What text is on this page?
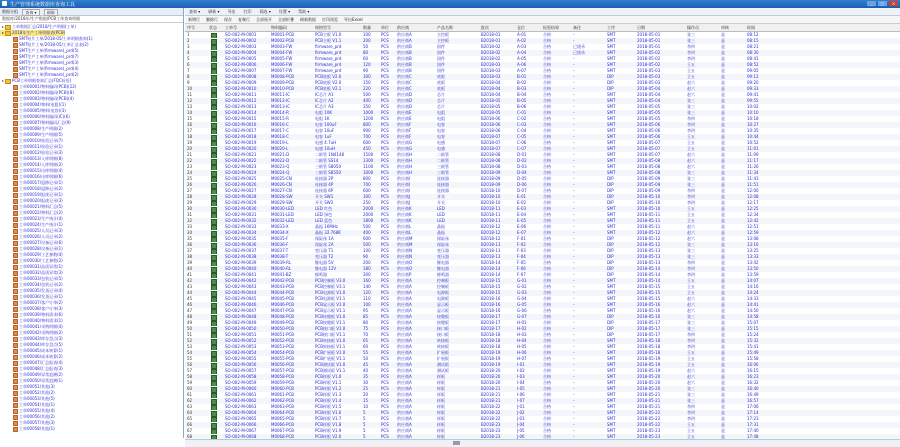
生产管理系统数据库查询工具	_	□	×
数据分组 查询 ▾	刷新
数据库/2018年/生产数据/PCB工单查询明细
▸ 工单数据汇总/2018/生产明细(工单)
▸ 2018年生产工单明细表(PCB)
SMT贴片工单/2018-05/工单明细查询(1)
SMT贴片工单/2018-05/工单汇总表(2)
SMT生产工单(firmware)_prd(5)
SMT生产工单(firmware)_prd(7)
SMT生产工单(firmware)_prd(3)
SMT生产工单(firmware)_prd(4)
SMT生产工单(firmware)_prd(2)
▸ PCB工单明细查询汇总(FQC检验)
工单00001/物料编码(PCB)(12)
工单00002/物料编码(PCB)(8)
工单00003/物料编码(PCB)(4)
工单00004/物料(电阻)(1)
工单00005/物料(电容)(3)
工单00006/物料编码(IC)(6)
工单00007/物料编码汇总(9)
工单00008/生产明细(2)
工单00009/生产明细(5)
工单00010/检验记录(7)
工单00011/检验记录(1)
工单00012/检验记录(3)
工单00013/入库明细(8)
工单00014/入库明细(2)
工单00015/出库明细(4)
工单00016/出库明细(6)
工单00017/返修记录(1)
工单00018/返修记录(2)
工单00019/报废记录(1)
工单00020/报废记录(3)
工单00021/物料汇总(5)
工单00022/物料汇总(2)
工单00023/生产统计(4)
工单00024/生产统计(1)
工单00025/人员记录(3)
工单00026/人员记录(2)
工单00027/设备记录(6)
工单00028/设备记录(1)
工单00029/工艺参数(4)
工单00030/工艺参数(2)
工单00031/品质异常(1)
工单00032/品质异常(3)
工单00033/包装记录(5)
工单00034/包装记录(2)
工单00035/发货记录(4)
工单00036/发货记录(1)
工单00037/客户订单(2)
工单00038/客户订单(3)
工单00039/物料需求(6)
工单00040/物料需求(1)
工单00041/采购明细(4)
工单00042/采购明细(2)
工单00043/库存盘点(3)
工单00044/库存盘点(5)
工单00045/成本核算(1)
工单00046/成本核算(2)
工单00047/汇总报表(4)
工单00048/汇总报表(3)
工单00049/异常追溯(2)
工单00050/异常追溯(1)
工单00051/其他(3)
工单00052/其他(2)
工单00053/其他(5)
工单00054/其他(1)
工单00055/其他(4)
工单00056/其他(2)
工单00057/其他(3)
工单00058/其他(1)
查询 ▾ 刷新 ▾ 导出 打印 筛选 ▾ 设置 ▾ 帮助 ▾
新增行 删除行 保存 复制行 全部展开 全部折叠 刷新数据 打印预览 导出Excel
序号	状态 工单号	物料编码	规格型号	数量	单位 供应商	产品名称	批次	仓位	检验结果	备注	工序	日期	操作员	审核	时间
1	SO-002-M-0001	M0001-PCB	PCB主板 V1.0	100	PCS	供应商A	主控板	B2018-01	A-01	合格	-	SMT	2018-05-01	张三	是	08:12
2	SO-002-M-0002	M0002-PCB	PCB主板 V1.1	200	PCS	供应商A	主控板	B2018-01	A-02	合格	-	SMT	2018-05-01	张三	是	08:15
3	SO-002-M-0003	M0003-FW	firmware_prd	50	PCS	供应商B	固件	B2018-02	A-03	合格	已烧录	SMT	2018-05-01	李四	是	08:21
4	SO-002-M-0004	M0004-FW	firmware_prd	80	PCS	供应商B	固件	B2018-02	A-04	合格	已烧录	SMT	2018-05-02	李四	是	08:30
5	SO-002-M-0005	M0005-FW	firmware_prd	60	PCS	供应商B	固件	B2018-02	A-05	合格	-	SMT	2018-05-02	李四	是	08:41
6	SO-002-M-0006	M0006-FW	firmware_prd	120	PCS	供应商B	固件	B2018-03	A-06	合格	-	SMT	2018-05-02	王五	是	08:52
7	SO-002-M-0007	M0007-FW	firmware_prd	90	PCS	供应商B	固件	B2018-03	A-07	合格	-	SMT	2018-05-03	王五	是	09:05
8	SO-002-M-0008	M0008-PCB	PCB底板 V2.0	300	PCS	供应商C	底板	B2018-03	B-01	合格	-	DIP	2018-05-03	王五	是	09:12
9	SO-002-M-0009	M0009-PCB	PCB底板 V2.0	150	PCS	供应商C	底板	B2018-04	B-02	合格	-	DIP	2018-05-03	赵六	是	09:20
10	SO-002-M-0010	M0010-PCB	PCB底板 V2.1	220	PCS	供应商C	底板	B2018-04	B-03	合格	-	DIP	2018-05-04	赵六	是	09:33
11	SO-002-M-0011	M0011-IC	IC芯片 A1	500	PCS	供应商D	芯片	B2018-04	B-04	合格	-	SMT	2018-05-04	赵六	是	09:41
12	SO-002-M-0012	M0012-IC	IC芯片 A2	400	PCS	供应商D	芯片	B2018-05	B-05	合格	-	SMT	2018-05-04	张三	是	09:55
13	SO-002-M-0013	M0013-IC	IC芯片 A3	350	PCS	供应商D	芯片	B2018-05	B-06	合格	-	SMT	2018-05-05	张三	是	10:02
14	SO-002-M-0014	M0014-R	电阻 10K	1000	PCS	供应商E	电阻	B2018-05	C-01	合格	-	SMT	2018-05-05	张三	是	10:10
15	SO-002-M-0015	M0015-R	电阻 1K	1200	PCS	供应商E	电阻	B2018-06	C-02	合格	-	SMT	2018-05-05	李四	是	10:18
16	SO-002-M-0016	M0016-C	电容 100uF	800	PCS	供应商F	电容	B2018-06	C-03	合格	-	SMT	2018-05-06	李四	是	10:27
17	SO-002-M-0017	M0017-C	电容 10uF	900	PCS	供应商F	电容	B2018-06	C-04	合格	-	SMT	2018-05-06	李四	是	10:35
18	SO-002-M-0018	M0018-C	电容 1uF	700	PCS	供应商F	电容	B2018-07	C-05	合格	-	SMT	2018-05-06	王五	是	10:44
19	SO-002-M-0019	M0019-L	电感 4.7uH	600	PCS	供应商G	电感	B2018-07	C-06	合格	-	SMT	2018-05-07	王五	是	10:52
20	SO-002-M-0020	M0020-L	电感 10uH	450	PCS	供应商G	电感	B2018-07	C-07	合格	-	SMT	2018-05-07	王五	是	11:01
21	SO-002-M-0021	M0021-D	二极管 1N4148	1500	PCS	供应商H	二极管	B2018-08	D-01	合格	-	SMT	2018-05-07	赵六	是	11:09
22	SO-002-M-0022	M0022-D	二极管 SS14	1300	PCS	供应商H	二极管	B2018-08	D-02	合格	-	SMT	2018-05-08	赵六	是	11:17
23	SO-002-M-0023	M0023-Q	三极管 S8050	1100	PCS	供应商H	三极管	B2018-08	D-03	合格	-	SMT	2018-05-08	赵六	是	11:26
24	SO-002-M-0024	M0024-Q	三极管 S8550	1000	PCS	供应商H	三极管	B2018-09	D-04	合格	-	SMT	2018-05-08	张三	是	11:34
25	SO-002-M-0025	M0025-CN	连接器 2P	800	PCS	供应商I	连接器	B2018-09	D-05	合格	-	DIP	2018-05-09	张三	是	11:43
26	SO-002-M-0026	M0026-CN	连接器 4P	700	PCS	供应商I	连接器	B2018-09	D-06	合格	-	DIP	2018-05-09	张三	是	11:51
27	SO-002-M-0027	M0027-CN	连接器 6P	600	PCS	供应商I	连接器	B2018-10	D-07	合格	-	DIP	2018-05-09	李四	是	12:00
28	SO-002-M-0028	M0028-SW	开关 SW1	300	PCS	供应商J	开关	B2018-10	E-01	合格	-	DIP	2018-05-10	李四	是	12:08
29	SO-002-M-0029	M0029-SW	开关 SW2	250	PCS	供应商J	开关	B2018-10	E-02	合格	-	DIP	2018-05-10	李四	是	12:17
30	SO-002-M-0030	M0030-LED	LED 红色	2000	PCS	供应商K	LED	B2018-11	E-03	合格	-	SMT	2018-05-10	王五	是	12:25
31	SO-002-M-0031	M0031-LED	LED 绿色	2000	PCS	供应商K	LED	B2018-11	E-04	合格	-	SMT	2018-05-11	王五	是	12:34
32	SO-002-M-0032	M0032-LED	LED 蓝色	1800	PCS	供应商K	LED	B2018-11	E-05	合格	-	SMT	2018-05-11	王五	是	12:42
33	SO-002-M-0033	M0033-X	晶振 16MHz	500	PCS	供应商L	晶振	B2018-12	E-06	合格	-	SMT	2018-05-11	赵六	是	12:51
34	SO-002-M-0034	M0034-X	晶振 32.768K	400	PCS	供应商L	晶振	B2018-12	E-07	合格	-	SMT	2018-05-12	赵六	是	12:59
35	SO-002-M-0035	M0035-F	保险丝 1A	600	PCS	供应商M	保险丝	B2018-12	F-01	合格	-	DIP	2018-05-12	赵六	是	13:08
36	SO-002-M-0036	M0036-F	保险丝 2A	500	PCS	供应商M	保险丝	B2018-13	F-02	合格	-	DIP	2018-05-12	张三	是	13:16
37	SO-002-M-0037	M0037-T	变压器 T1	100	PCS	供应商N	变压器	B2018-13	F-03	合格	-	DIP	2018-05-13	张三	是	13:25
38	SO-002-M-0038	M0038-T	变压器 T2	90	PCS	供应商N	变压器	B2018-13	F-04	合格	-	DIP	2018-05-13	张三	是	13:33
39	SO-002-M-0039	M0039-RL	继电器 5V	200	PCS	供应商O	继电器	B2018-14	F-05	合格	-	DIP	2018-05-13	李四	是	13:42
40	SO-002-M-0040	M0040-RL	继电器 12V	180	PCS	供应商O	继电器	B2018-14	F-06	合格	-	DIP	2018-05-14	李四	是	13:50
41	SO-002-M-0041	M0041-BZ	蜂鸣器	300	PCS	供应商P	蜂鸣器	B2018-14	F-07	合格	-	DIP	2018-05-14	李四	是	13:59
42	SO-002-M-0042	M0042-PCB	PCB控制板 V3.0	160	PCS	供应商A	控制板	B2018-15	G-01	合格	-	SMT	2018-05-14	王五	是	14:07
43	SO-002-M-0043	M0043-PCB	PCB控制板 V3.1	140	PCS	供应商A	控制板	B2018-15	G-02	合格	-	SMT	2018-05-15	王五	是	14:16
44	SO-002-M-0044	M0044-PCB	PCB电源板 V1.0	120	PCS	供应商A	电源板	B2018-15	G-03	合格	-	SMT	2018-05-15	王五	是	14:24
45	SO-002-M-0045	M0045-PCB	PCB电源板 V1.1	110	PCS	供应商A	电源板	B2018-16	G-04	合格	-	SMT	2018-05-15	赵六	是	14:33
46	SO-002-M-0046	M0046-PCB	PCB显示板 V1.0	100	PCS	供应商A	显示板	B2018-16	G-05	合格	-	SMT	2018-05-16	赵六	是	14:41
47	SO-002-M-0047	M0047-PCB	PCB显示板 V1.1	95	PCS	供应商A	显示板	B2018-16	G-06	合格	-	SMT	2018-05-16	赵六	是	14:50
48	SO-002-M-0048	M0048-PCB	PCB按键板 V1.0	85	PCS	供应商A	按键板	B2018-17	G-07	合格	-	DIP	2018-05-16	张三	是	14:58
49	SO-002-M-0049	M0049-PCB	PCB按键板 V1.1	80	PCS	供应商A	按键板	B2018-17	H-01	合格	-	DIP	2018-05-17	张三	是	15:07
50	SO-002-M-0050	M0050-PCB	PCB接口板 V1.0	75	PCS	供应商A	接口板	B2018-17	H-02	合格	-	DIP	2018-05-17	张三	是	15:15
51	SO-002-M-0051	M0051-PCB	PCB接口板 V1.1	70	PCS	供应商A	接口板	B2018-18	H-03	合格	-	DIP	2018-05-17	李四	是	15:24
52	SO-002-M-0052	M0052-PCB	PCB转接板 V1.0	65	PCS	供应商A	转接板	B2018-18	H-04	合格	-	SMT	2018-05-18	李四	是	15:32
53	SO-002-M-0053	M0053-PCB	PCB转接板 V1.1	60	PCS	供应商A	转接板	B2018-18	H-05	合格	-	SMT	2018-05-18	李四	是	15:41
54	SO-002-M-0054	M0054-PCB	PCB扩展板 V1.0	55	PCS	供应商A	扩展板	B2018-19	H-06	合格	-	SMT	2018-05-18	王五	是	15:49
55	SO-002-M-0055	M0055-PCB	PCB扩展板 V1.1	50	PCS	供应商A	扩展板	B2018-19	H-07	合格	-	SMT	2018-05-19	王五	是	15:58
56	SO-002-M-0056	M0056-PCB	PCB测试板 V1.0	45	PCS	供应商A	测试板	B2018-19	I-01	合格	-	SMT	2018-05-19	王五	是	16:06
57	SO-002-M-0057	M0057-PCB	PCB测试板 V1.1	40	PCS	供应商A	测试板	B2018-20	I-02	合格	-	SMT	2018-05-19	赵六	是	16:15
58	SO-002-M-0058	M0058-PCB	PCB样板 V1.0	35	PCS	供应商A	样板	B2018-20	I-03	合格	-	SMT	2018-05-20	赵六	是	16:23
59	SO-002-M-0059	M0059-PCB	PCB样板 V1.1	30	PCS	供应商A	样板	B2018-20	I-04	合格	-	SMT	2018-05-20	赵六	是	16:32
60	SO-002-M-0060	M0060-PCB	PCB样板 V1.2	25	PCS	供应商A	样板	B2018-21	I-05	合格	-	SMT	2018-05-20	张三	是	16:40
61	SO-002-M-0061	M0061-PCB	PCB样板 V1.3	20	PCS	供应商A	样板	B2018-21	I-06	合格	-	SMT	2018-05-21	张三	是	16:49
62	SO-002-M-0062	M0062-PCB	PCB样板 V1.4	15	PCS	供应商A	样板	B2018-21	I-07	合格	-	SMT	2018-05-21	张三	是	16:57
63	SO-002-M-0063	M0063-PCB	PCB样板 V1.5	10	PCS	供应商A	样板	B2018-22	J-01	合格	-	SMT	2018-05-21	李四	是	17:06
64	SO-002-M-0064	M0064-PCB	PCB样板 V1.6	5	PCS	供应商A	样板	B2018-22	J-02	合格	-	SMT	2018-05-22	李四	是	17:14
65	SO-002-M-0065	M0065-PCB	PCB样板 V1.7	5	PCS	供应商A	样板	B2018-22	J-03	合格	-	SMT	2018-05-22	李四	是	17:23
66	SO-002-M-0066	M0066-PCB	PCB样板 V1.8	5	PCS	供应商A	样板	B2018-23	J-04	合格	-	SMT	2018-05-22	王五	是	17:31
67	SO-002-M-0067	M0067-PCB	PCB样板 V1.9	5	PCS	供应商A	样板	B2018-23	J-05	合格	-	SMT	2018-05-23	王五	是	17:40
68	SO-002-M-0068	M0068-PCB	PCB样板 V2.0	5	PCS	供应商A	样板	B2018-23	J-06	合格	-	SMT	2018-05-23	王五	是	17:48
